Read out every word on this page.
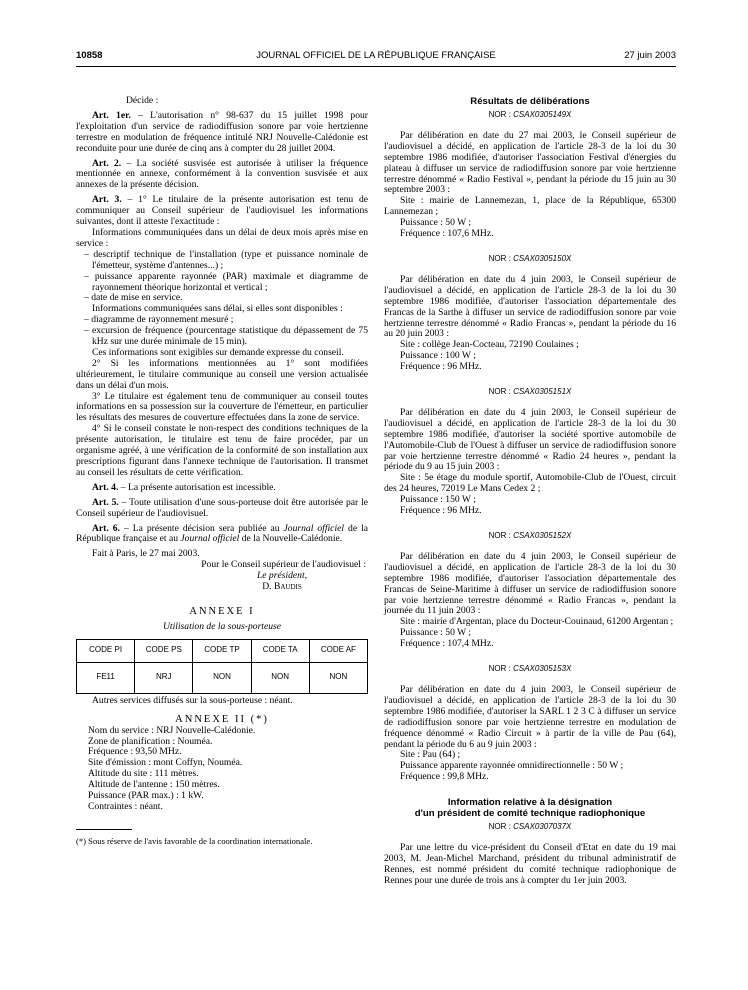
10858	JOURNAL OFFICIEL DE LA RÉPUBLIQUE FRANÇAISE	27 juin 2003

Décide :

Art. 1er. – L'autorisation n° 98-637 du 15 juillet 1998 pour l'exploitation d'un service de radiodiffusion sonore par voie hertzienne terrestre en modulation de fréquence intitulé NRJ Nouvelle-Calédonie est reconduite pour une durée de cinq ans à compter du 28 juillet 2004.

Art. 2. – La société susvisée est autorisée à utiliser la fréquence mentionnée en annexe, conformément à la convention susvisée et aux annexes de la présente décision.

Art. 3. – 1° Le titulaire de la présente autorisation est tenu de communiquer au Conseil supérieur de l'audiovisuel les informations suivantes, dont il atteste l'exactitude :

Informations communiquées dans un délai de deux mois après mise en service :

– descriptif technique de l'installation (type et puissance nominale de l'émetteur, système d'antennes...) ;

– puissance apparente rayonnée (PAR) maximale et diagramme de rayonnement théorique horizontal et vertical ;

– date de mise en service.

Informations communiquées sans délai, si elles sont disponibles :

– diagramme de rayonnement mesuré ;

– excursion de fréquence (pourcentage statistique du dépassement de 75 kHz sur une durée minimale de 15 min).

Ces informations sont exigibles sur demande expresse du conseil.

2° Si les informations mentionnées au 1° sont modifiées ultérieurement, le titulaire communique au conseil une version actualisée dans un délai d'un mois.

3° Le titulaire est également tenu de communiquer au conseil toutes informations en sa possession sur la couverture de l'émetteur, en particulier les résultats des mesures de couverture effectuées dans la zone de service.

4° Si le conseil constate le non-respect des conditions techniques de la présente autorisation, le titulaire est tenu de faire procéder, par un organisme agréé, à une vérification de la conformité de son installation aux prescriptions figurant dans l'annexe technique de l'autorisation. Il transmet au conseil les résultats de cette vérification.

Art. 4. – La présente autorisation est incessible.

Art. 5. – Toute utilisation d'une sous-porteuse doit être autorisée par le Conseil supérieur de l'audiovisuel.

Art. 6. – La présente décision sera publiée au Journal officiel de la République française et au Journal officiel de la Nouvelle-Calédonie.

Fait à Paris, le 27 mai 2003.

Pour le Conseil supérieur de l'audiovisuel :

Le président,

D. Baudis

ANNEXE I

Utilisation de la sous-porteuse

CODE PI	CODE PS	CODE TP	CODE TA	CODE AF
FE11	NRJ	NON	NON	NON

Autres services diffusés sur la sous-porteuse : néant.

ANNEXE II (*)

Nom du service : NRJ Nouvelle-Calédonie.

Zone de planification : Nouméa.

Fréquence : 93,50 MHz.

Site d'émission : mont Coffyn, Nouméa.

Altitude du site : 111 mètres.

Altitude de l'antenne : 150 mètres.

Puissance (PAR max.) : 1 kW.

Contraintes : néant.

(*) Sous réserve de l'avis favorable de la coordination internationale.

Résultats de délibérations

NOR : CSAX0305149X

Par délibération en date du 27 mai 2003, le Conseil supérieur de l'audiovisuel a décidé, en application de l'article 28-3 de la loi du 30 septembre 1986 modifiée, d'autoriser l'association Festival d'énergies du plateau à diffuser un service de radiodiffusion sonore par voie hertzienne terrestre dénommé « Radio Festival », pendant la période du 15 juin au 30 septembre 2003 :

Site : mairie de Lannemezan, 1, place de la République, 65300 Lannemezan ;

Puissance : 50 W ;

Fréquence : 107,6 MHz.

NOR : CSAX0305150X

Par délibération en date du 4 juin 2003, le Conseil supérieur de l'audiovisuel a décidé, en application de l'article 28-3 de la loi du 30 septembre 1986 modifiée, d'autoriser l'association départementale des Francas de la Sarthe à diffuser un service de radiodiffusion sonore par voie hertzienne terrestre dénommé « Radio Francas », pendant la période du 16 au 20 juin 2003 :

Site : collège Jean-Cocteau, 72190 Coulaines ;

Puissance : 100 W ;

Fréquence : 96 MHz.

NOR : CSAX0305151X

Par délibération en date du 4 juin 2003, le Conseil supérieur de l'audiovisuel a décidé, en application de l'article 28-3 de la loi du 30 septembre 1986 modifiée, d'autoriser la société sportive automobile de l'Automobile-Club de l'Ouest à diffuser un service de radiodiffusion sonore par voie hertzienne terrestre dénommé « Radio 24 heures », pendant la période du 9 au 15 juin 2003 :

Site : 5e étage du module sportif, Automobile-Club de l'Ouest, circuit des 24 heures, 72019 Le Mans Cedex 2 ;

Puissance : 150 W ;

Fréquence : 96 MHz.

NOR : CSAX0305152X

Par délibération en date du 4 juin 2003, le Conseil supérieur de l'audiovisuel a décidé, en application de l'article 28-3 de la loi du 30 septembre 1986 modifiée, d'autoriser l'association départementale des Francas de Seine-Maritime à diffuser un service de radiodiffusion sonore par voie hertzienne terrestre dénommé « Radio Francas », pendant la journée du 11 juin 2003 :

Site : mairie d'Argentan, place du Docteur-Couinaud, 61200 Argentan ;

Puissance : 50 W ;

Fréquence : 107,4 MHz.

NOR : CSAX0305153X

Par délibération en date du 4 juin 2003, le Conseil supérieur de l'audiovisuel a décidé, en application de l'article 28-3 de la loi du 30 septembre 1986 modifiée, d'autoriser la SARL 1 2 3 C à diffuser un service de radiodiffusion sonore par voie hertzienne terrestre en modulation de fréquence dénommé « Radio Circuit » à partir de la ville de Pau (64), pendant la période du 6 au 9 juin 2003 :

Site : Pau (64) ;

Puissance apparente rayonnée omnidirectionnelle : 50 W ;

Fréquence : 99,8 MHz.

Information relative à la désignation

d'un président de comité technique radiophonique

NOR : CSAX0307037X

Par une lettre du vice-président du Conseil d'Etat en date du 19 mai 2003, M. Jean-Michel Marchand, président du tribunal administratif de Rennes, est nommé président du comité technique radiophonique de Rennes pour une durée de trois ans à compter du 1er juin 2003.
